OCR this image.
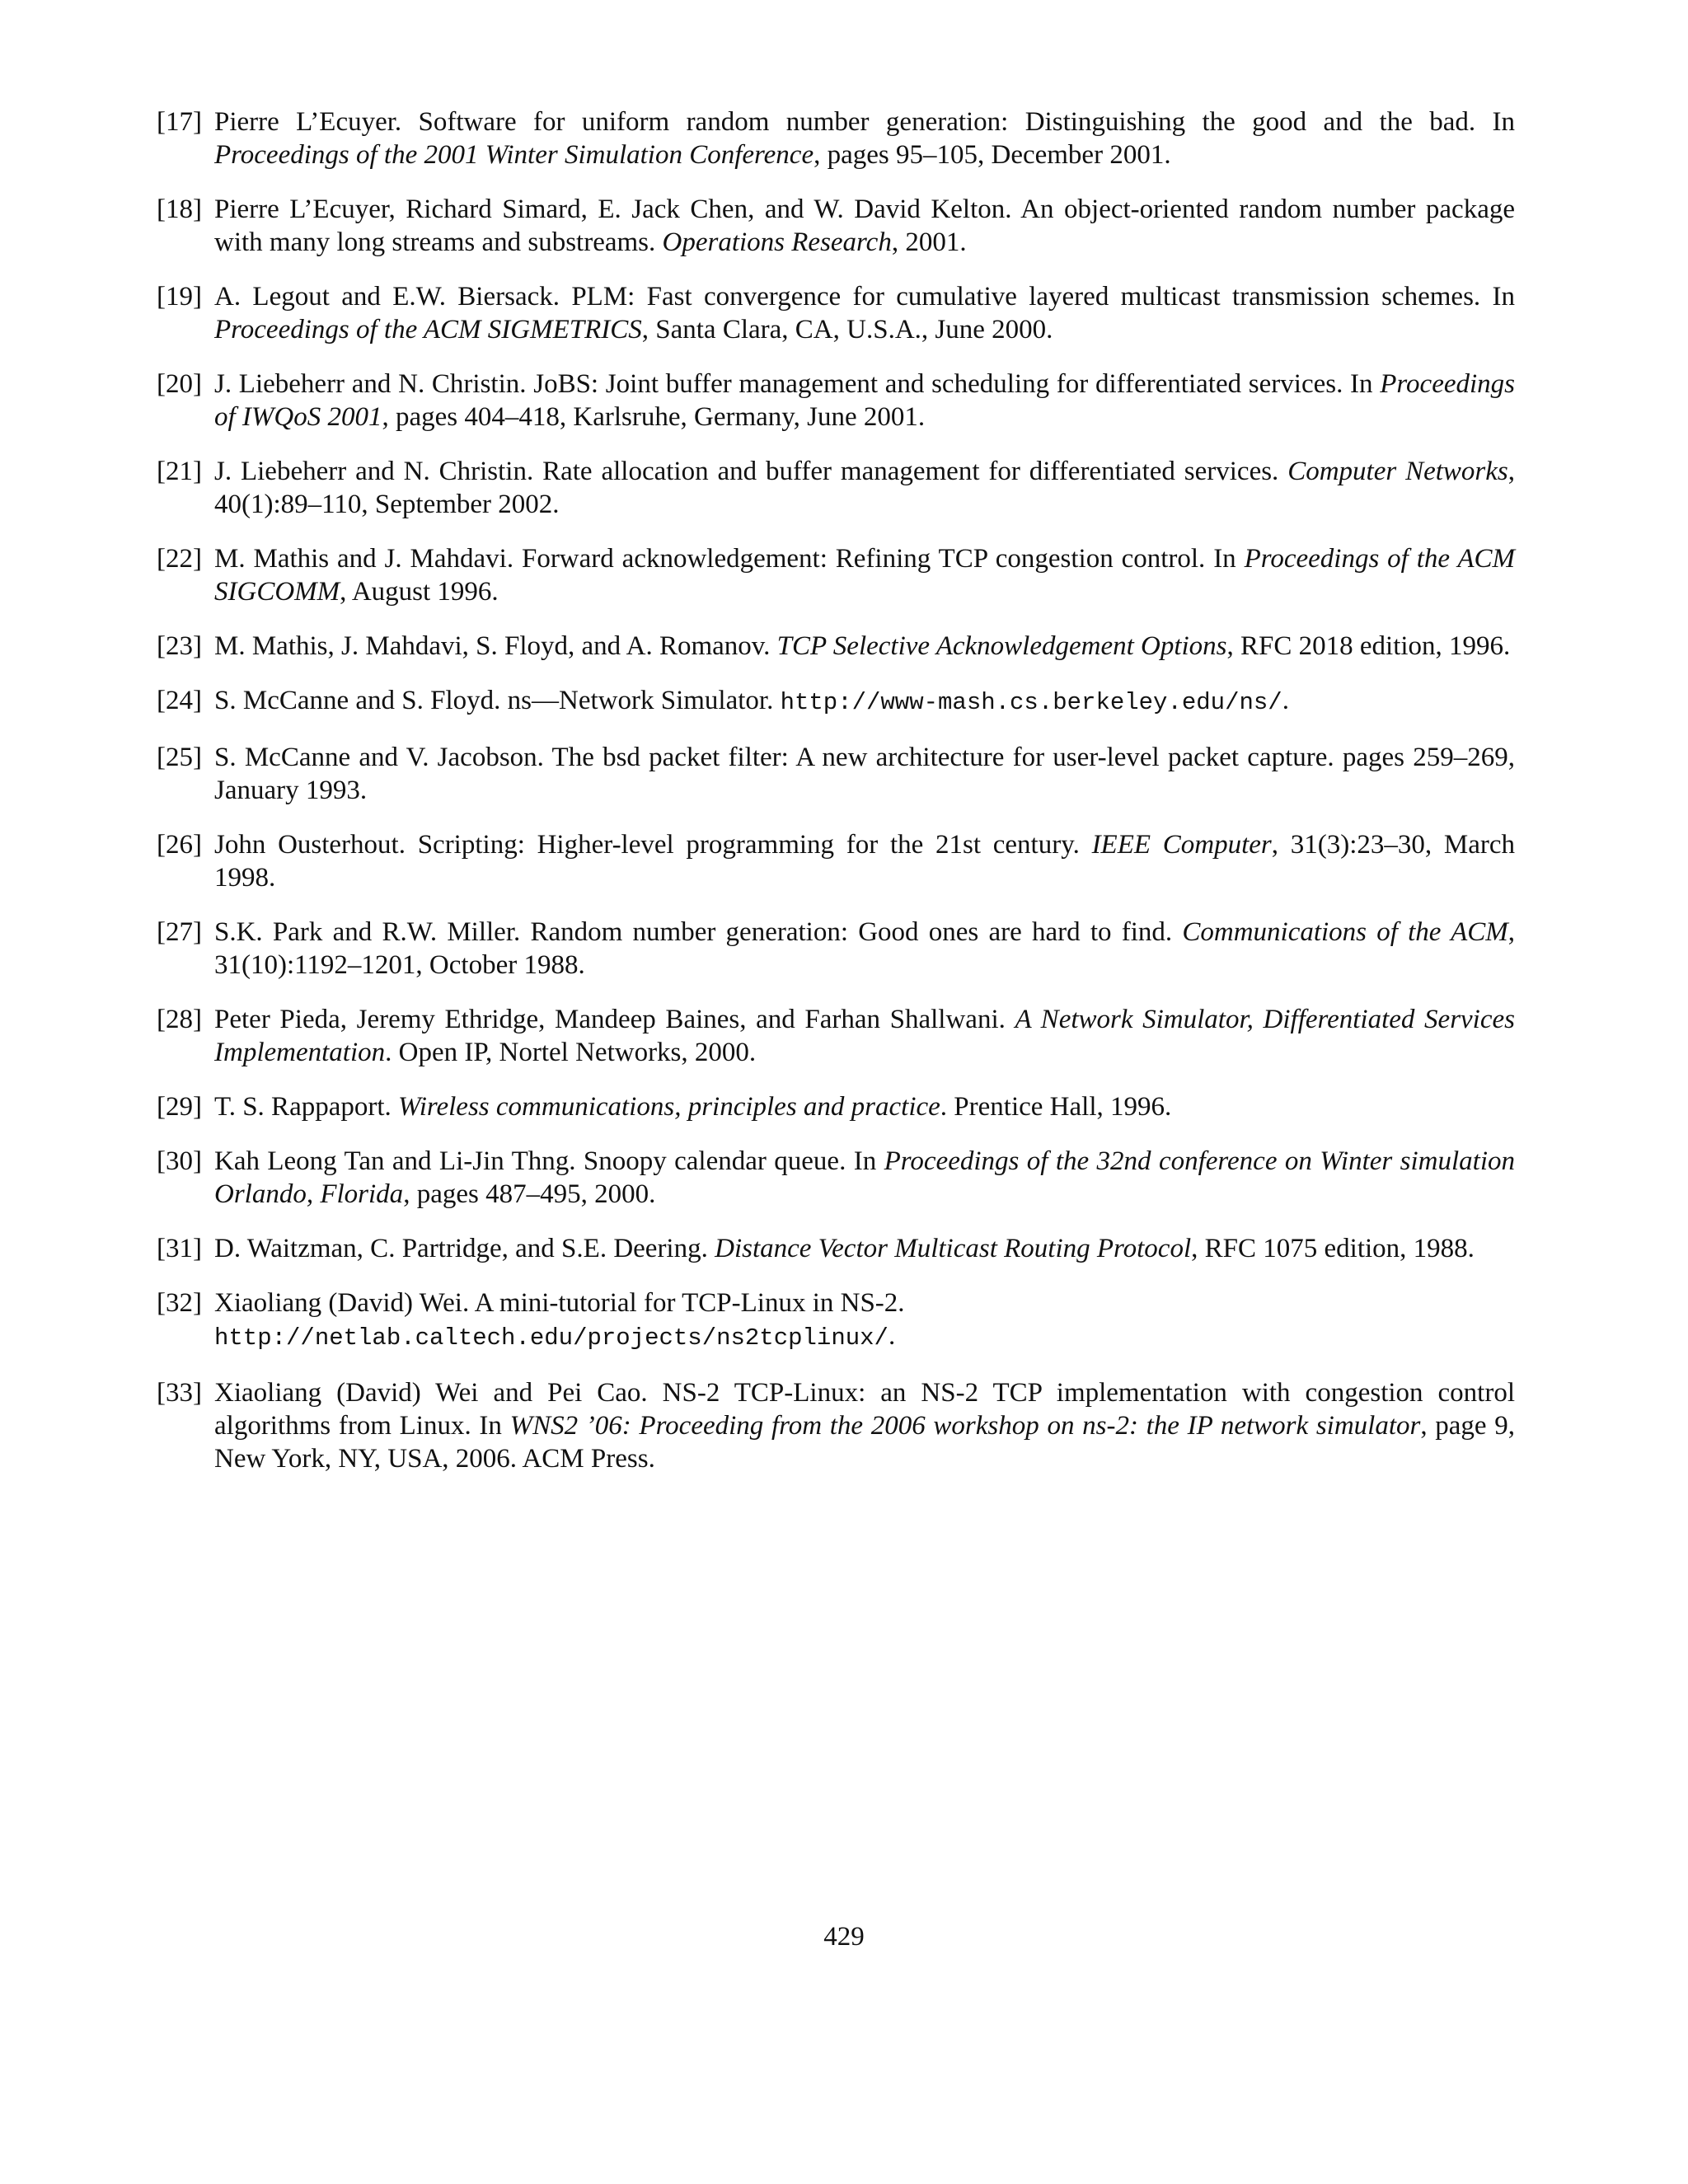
[17] Pierre L’Ecuyer. Software for uniform random number generation: Distinguishing the good and the bad. In Proceedings of the 2001 Winter Simulation Conference, pages 95–105, December 2001.
[18] Pierre L’Ecuyer, Richard Simard, E. Jack Chen, and W. David Kelton. An object-oriented random number package with many long streams and substreams. Operations Research, 2001.
[19] A. Legout and E.W. Biersack. PLM: Fast convergence for cumulative layered multicast transmission schemes. In Proceedings of the ACM SIGMETRICS, Santa Clara, CA, U.S.A., June 2000.
[20] J. Liebeherr and N. Christin. JoBS: Joint buffer management and scheduling for differentiated services. In Proceedings of IWQoS 2001, pages 404–418, Karlsruhe, Germany, June 2001.
[21] J. Liebeherr and N. Christin. Rate allocation and buffer management for differentiated services. Computer Networks, 40(1):89–110, September 2002.
[22] M. Mathis and J. Mahdavi. Forward acknowledgement: Refining TCP congestion control. In Proceedings of the ACM SIGCOMM, August 1996.
[23] M. Mathis, J. Mahdavi, S. Floyd, and A. Romanov. TCP Selective Acknowledgement Options, RFC 2018 edition, 1996.
[24] S. McCanne and S. Floyd. ns—Network Simulator. http://www-mash.cs.berkeley.edu/ns/.
[25] S. McCanne and V. Jacobson. The bsd packet filter: A new architecture for user-level packet capture. pages 259–269, January 1993.
[26] John Ousterhout. Scripting: Higher-level programming for the 21st century. IEEE Computer, 31(3):23–30, March 1998.
[27] S.K. Park and R.W. Miller. Random number generation: Good ones are hard to find. Communications of the ACM, 31(10):1192–1201, October 1988.
[28] Peter Pieda, Jeremy Ethridge, Mandeep Baines, and Farhan Shallwani. A Network Simulator, Differentiated Services Implementation. Open IP, Nortel Networks, 2000.
[29] T. S. Rappaport. Wireless communications, principles and practice. Prentice Hall, 1996.
[30] Kah Leong Tan and Li-Jin Thng. Snoopy calendar queue. In Proceedings of the 32nd conference on Winter simulation Orlando, Florida, pages 487–495, 2000.
[31] D. Waitzman, C. Partridge, and S.E. Deering. Distance Vector Multicast Routing Protocol, RFC 1075 edition, 1988.
[32] Xiaoliang (David) Wei. A mini-tutorial for TCP-Linux in NS-2. http://netlab.caltech.edu/projects/ns2tcplinux/.
[33] Xiaoliang (David) Wei and Pei Cao. NS-2 TCP-Linux: an NS-2 TCP implementation with congestion control algorithms from Linux. In WNS2 ’06: Proceeding from the 2006 workshop on ns-2: the IP network simulator, page 9, New York, NY, USA, 2006. ACM Press.
429
